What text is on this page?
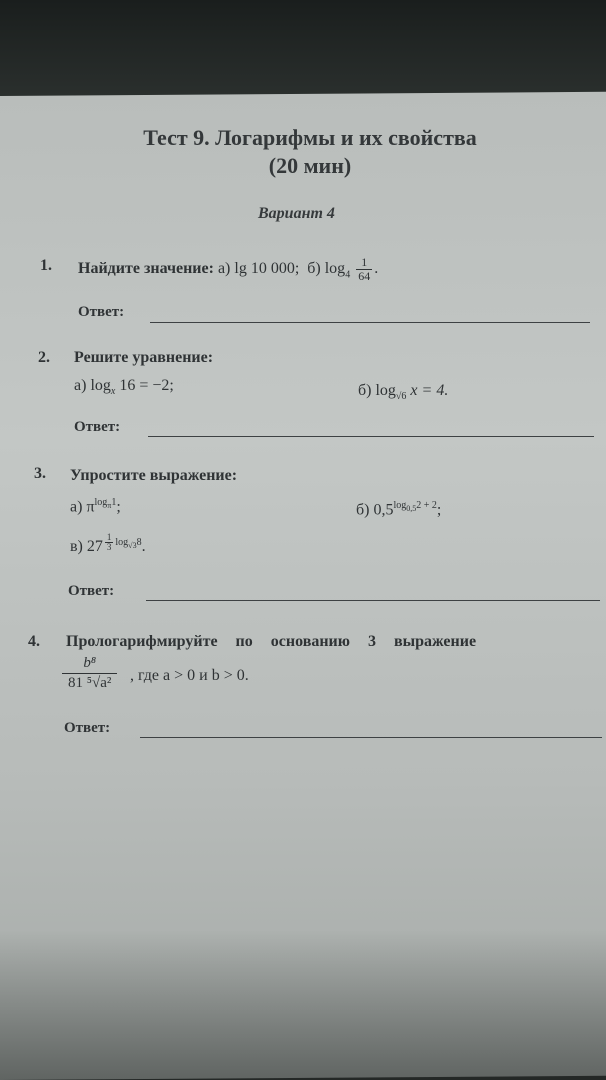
Тест 9. Логарифмы и их свойства
(20 мин)
Вариант 4
1. Найдите значение: а) lg 10 000; б) $\log_4 \frac{1}{64}$ .
Ответ:
2. Решите уравнение:
а) $\log_x 16 = -2$;	б) $\log_{√6} x = 4$.
Ответ:
3. Упростите выражение:
а) $\pi^{log_\pi 1}$;	б) $0,5^{log_{0,5}2 + 2}$;
в) 27 $^{\frac{1}{3} log_{√3}8}$.
Ответ:
4. Прологарифмируйте по основанию 3 выражение
$\frac{\text{b⁸}}{\text{81 ⁵√a²}}$ , где a > 0 и b > 0.
Ответ:
